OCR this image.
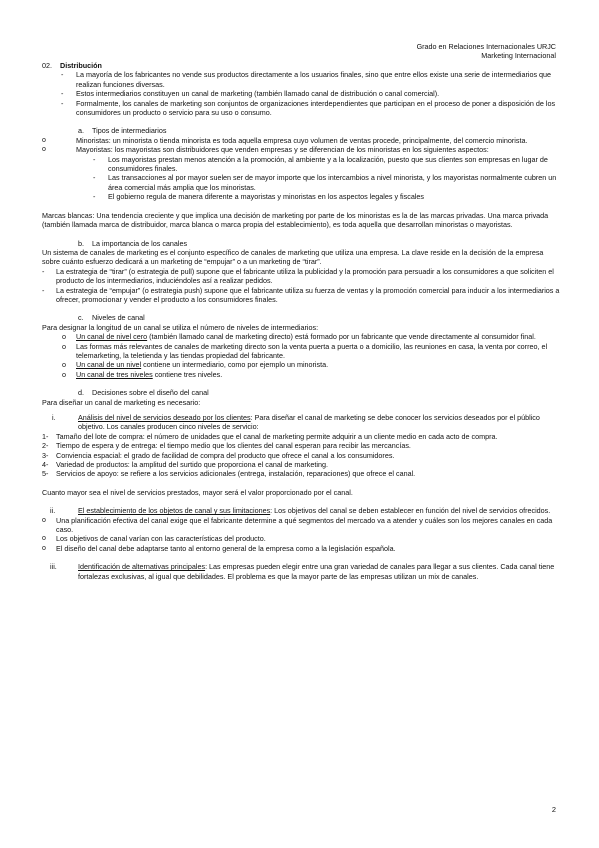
Grado en Relaciones Internacionales URJC
Marketing Internacional
02. Distribución
- La mayoría de los fabricantes no vende sus productos directamente a los usuarios finales, sino que entre ellos existe una serie de intermediarios que realizan funciones diversas.
- Estos intermediarios constituyen un canal de marketing (también llamado canal de distribución o canal comercial).
- Formalmente, los canales de marketing son conjuntos de organizaciones interdependientes que participan en el proceso de poner a disposición de los consumidores un producto o servicio para su uso o consumo.
a. Tipos de intermediarios
o	Minoristas: un minorista o tienda minorista es toda aquella empresa cuyo volumen de ventas procede, principalmente, del comercio minorista.
o	Mayoristas: los mayoristas son distribuidores que venden empresas y se diferencian de los minoristas en los siguientes aspectos:
- Los mayoristas prestan menos atención a la promoción, al ambiente y a la localización, puesto que sus clientes son empresas en lugar de consumidores finales.
- Las transacciones al por mayor suelen ser de mayor importe que los intercambios a nivel minorista, y los mayoristas normalmente cubren un área comercial más amplia que los minoristas.
- El gobierno regula de manera diferente a mayoristas y minoristas en los aspectos legales y fiscales
Marcas blancas: Una tendencia creciente y que implica una decisión de marketing por parte de los minoristas es la de las marcas privadas. Una marca privada (también llamada marca de distribuidor, marca blanca o marca propia del establecimiento), es toda aquella que desarrollan minoristas o mayoristas.
b. La importancia de los canales
Un sistema de canales de marketing es el conjunto específico de canales de marketing que utiliza una empresa. La clave reside en la decisión de la empresa sobre cuánto esfuerzo dedicará a un marketing de “empujar” o a un marketing de “tirar”.
- - La estrategia de “tirar” (o estrategia de pull) supone que el fabricante utiliza la publicidad y la promoción para persuadir a los consumidores a que soliciten el producto de los intermediarios, induciéndoles así a realizar pedidos.
- - La estrategia de “empujar” (o estrategia push) supone que el fabricante utiliza su fuerza de ventas y la promoción comercial para inducir a los intermediarios a ofrecer, promocionar y vender el producto a los consumidores finales.
c. Niveles de canal
Para designar la longitud de un canal se utiliza el número de niveles de intermediarios:
o Un canal de nivel cero (también llamado canal de marketing directo) está formado por un fabricante que vende directamente al consumidor final.
o Las formas más relevantes de canales de marketing directo son la venta puerta a puerta o a domicilio, las reuniones en casa, la venta por correo, el telemarketing, la teletienda y las tiendas propiedad del fabricante.
o Un canal de un nivel contiene un intermediario, como por ejemplo un minorista.
o Un canal de tres niveles contiene tres niveles.
d. Decisiones sobre el diseño del canal
Para diseñar un canal de marketing es necesario:
i.	Análisis del nivel de servicios deseado por los clientes: Para diseñar el canal de marketing se debe conocer los servicios deseados por el público objetivo. Los canales producen cinco niveles de servicio:
1- Tamaño del lote de compra: el número de unidades que el canal de marketing permite adquirir a un cliente medio en cada acto de compra.
2- Tiempo de espera y de entrega: el tiempo medio que los clientes del canal esperan para recibir las mercancías.
3- Conviencia espacial: el grado de facilidad de compra del producto que ofrece el canal a los consumidores.
4- Variedad de productos: la amplitud del surtido que proporciona el canal de marketing.
5- Servicios de apoyo: se refiere a los servicios adicionales (entrega, instalación, reparaciones) que ofrece el canal.
Cuanto mayor sea el nivel de servicios prestados, mayor será el valor proporcionado por el canal.
ii.	El establecimiento de los objetos de canal y sus limitaciones: Los objetivos del canal se deben establecer en función del nivel de servicios ofrecidos.
o Una planificación efectiva del canal exige que el fabricante determine a qué segmentos del mercado va a atender y cuáles son los mejores canales en cada caso.
o Los objetivos de canal varían con las características del producto.
o El diseño del canal debe adaptarse tanto al entorno general de la empresa como a la legislación española.
iii.	Identificación de alternativas principales: Las empresas pueden elegir entre una gran variedad de canales para llegar a sus clientes. Cada canal tiene fortalezas exclusivas, al igual que debilidades. El problema es que la mayor parte de las empresas utilizan un mix de canales.
2
